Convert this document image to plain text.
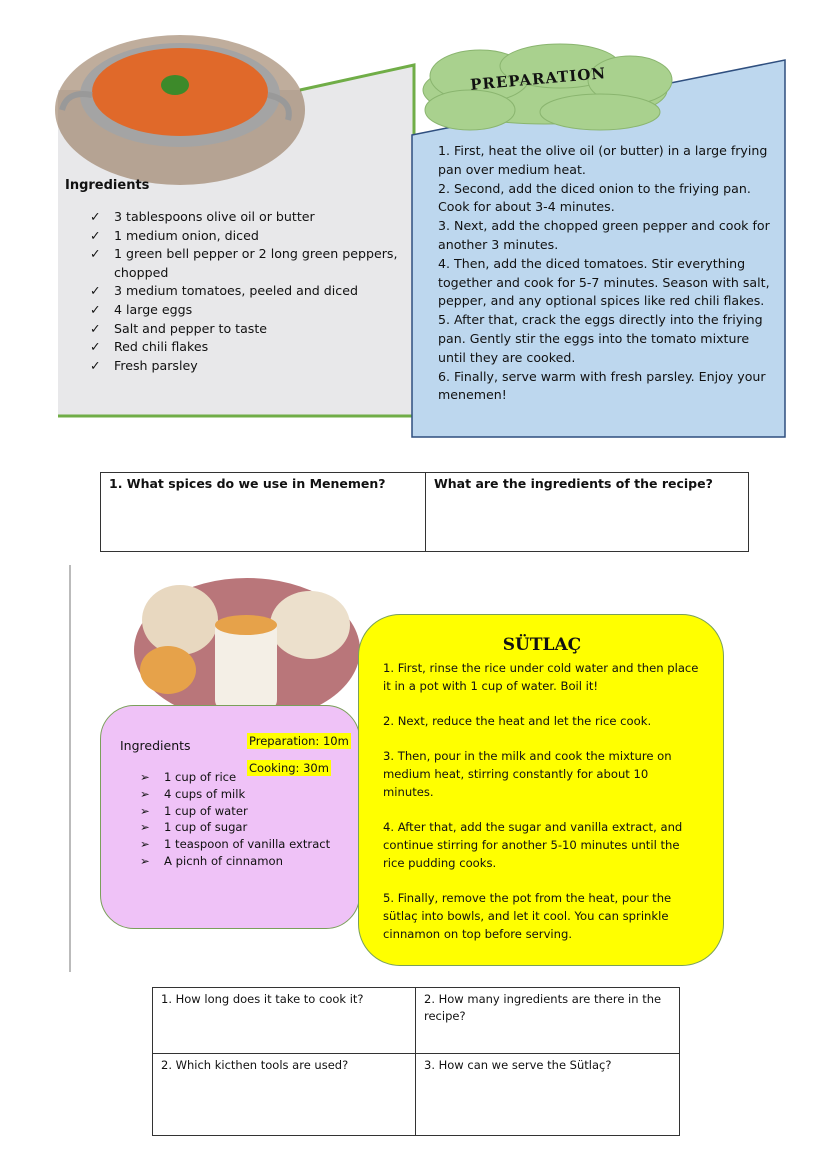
Ingredients
✓ 3 tablespoons olive oil or butter
✓ 1 medium onion, diced
✓ 1 green bell pepper or 2 long green peppers, chopped
✓ 3 medium tomatoes, peeled and diced
✓ 4 large eggs
✓ Salt and pepper to taste
✓ Red chili flakes
✓ Fresh parsley
PREPARATION

1. First, heat the olive oil (or butter) in a large frying pan over medium heat.

2. Second, add the diced onion to the friying pan. Cook for about 3-4 minutes.

3. Next, add the chopped green pepper and cook for another 3 minutes.

4. Then, add the diced tomatoes. Stir everything together and cook for 5-7 minutes. Season with salt, pepper, and any optional spices like red chili flakes.

5. After that, crack the eggs directly into the friying pan. Gently stir the eggs into the tomato mixture until they are cooked.

6. Finally, serve warm with fresh parsley. Enjoy your menemen!

1. What spices do we use in Menemen?	What are the ingredients of the recipe?
Ingredients	Preparation: 10m
Cooking: 30m
➢ 1 cup of rice
➢ 4 cups of milk
➢ 1 cup of water
➢ 1 cup of sugar
➢ 1 teaspoon of vanilla extract
➢ A picnh of cinnamon
SÜTLAÇ

1. First, rinse the rice under cold water and then place it in a pot with 1 cup of water. Boil it!

2. Next, reduce the heat and let the rice cook.

3. Then, pour in the milk and cook the mixture on medium heat, stirring constantly for about 10 minutes.

4. After that, add the sugar and vanilla extract, and continue stirring for another 5-10 minutes until the rice pudding cooks.

5. Finally, remove the pot from the heat, pour the sütlaç into bowls, and let it cool. You can sprinkle cinnamon on top before serving.

1. How long does it take to cook it?	2. How many ingredients are there in the recipe?
2. Which kicthen tools are used?	3. How can we serve the Sütlaç?
